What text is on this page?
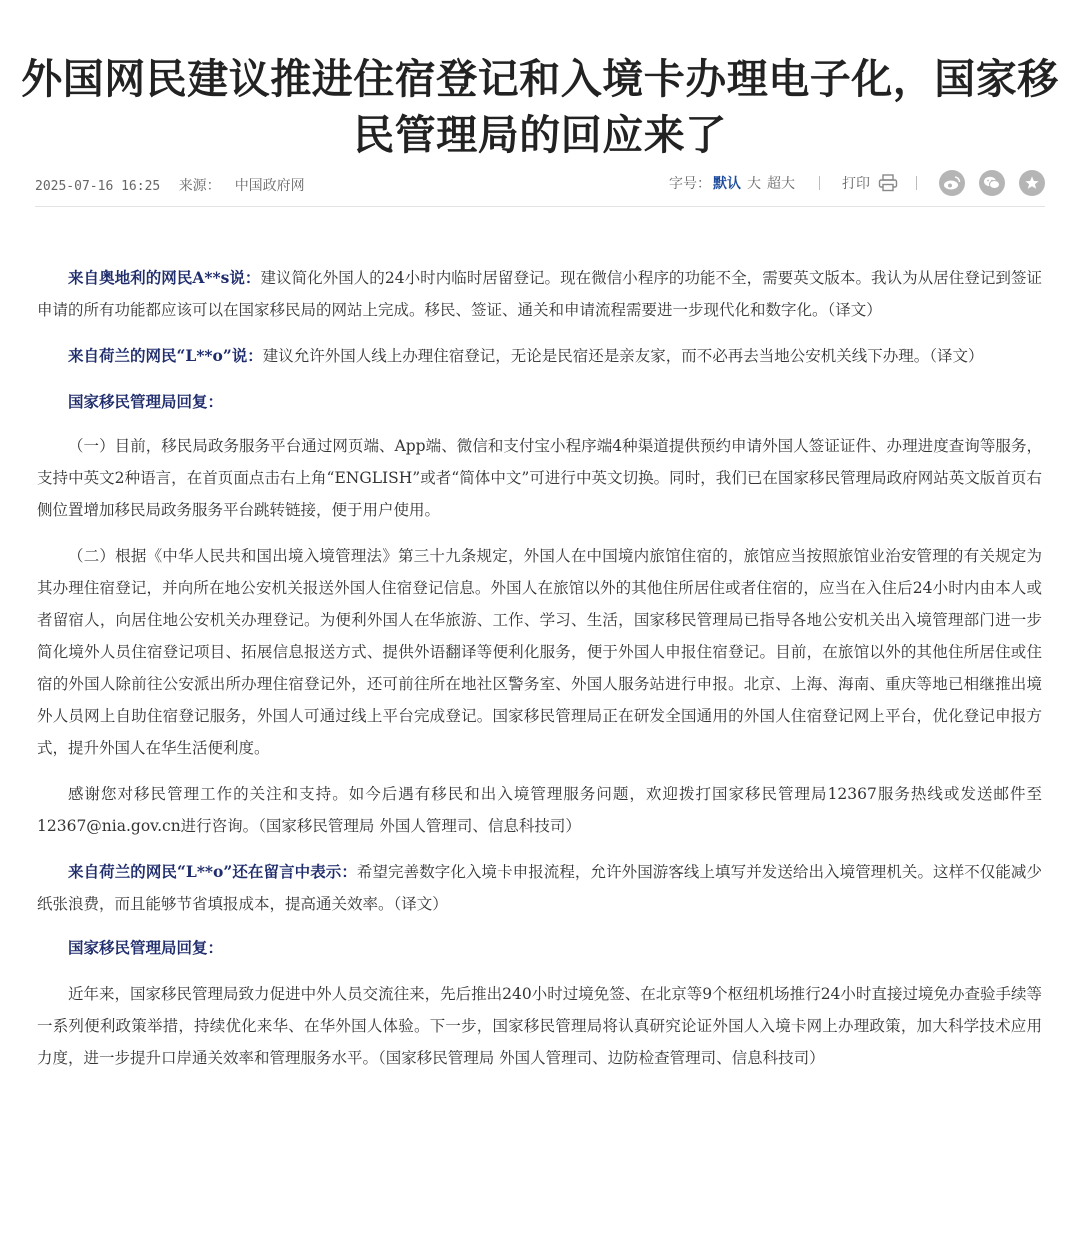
外国网民建议推进住宿登记和入境卡办理电子化，国家移民管理局的回应来了
2025-07-16 16:25 来源： 中国政府网	字号： 默认 大 超大	打印

来自奥地利的网民A**s说：建议简化外国人的24小时内临时居留登记。现在微信小程序的功能不全，需要英文版本。我认为从居住登记到签证申请的所有功能都应该可以在国家移民局的网站上完成。移民、签证、通关和申请流程需要进一步现代化和数字化。（译文）

来自荷兰的网民“L**o”说：建议允许外国人线上办理住宿登记，无论是民宿还是亲友家，而不必再去当地公安机关线下办理。（译文）

国家移民管理局回复：

（一）目前，移民局政务服务平台通过网页端、App端、微信和支付宝小程序端4种渠道提供预约申请外国人签证证件、办理进度查询等服务，支持中英文2种语言，在首页面点击右上角“ENGLISH”或者“简体中文”可进行中英文切换。同时，我们已在国家移民管理局政府网站英文版首页右侧位置增加移民局政务服务平台跳转链接，便于用户使用。

（二）根据《中华人民共和国出境入境管理法》第三十九条规定，外国人在中国境内旅馆住宿的，旅馆应当按照旅馆业治安管理的有关规定为其办理住宿登记，并向所在地公安机关报送外国人住宿登记信息。外国人在旅馆以外的其他住所居住或者住宿的，应当在入住后24小时内由本人或者留宿人，向居住地公安机关办理登记。为便利外国人在华旅游、工作、学习、生活，国家移民管理局已指导各地公安机关出入境管理部门进一步简化境外人员住宿登记项目、拓展信息报送方式、提供外语翻译等便利化服务，便于外国人申报住宿登记。目前，在旅馆以外的其他住所居住或住宿的外国人除前往公安派出所办理住宿登记外，还可前往所在地社区警务室、外国人服务站进行申报。北京、上海、海南、重庆等地已相继推出境外人员网上自助住宿登记服务，外国人可通过线上平台完成登记。国家移民管理局正在研发全国通用的外国人住宿登记网上平台，优化登记申报方式，提升外国人在华生活便利度。

感谢您对移民管理工作的关注和支持。如今后遇有移民和出入境管理服务问题，欢迎拨打国家移民管理局12367服务热线或发送邮件至12367@nia.gov.cn进行咨询。（国家移民管理局 外国人管理司、信息科技司）

来自荷兰的网民“L**o”还在留言中表示：希望完善数字化入境卡申报流程，允许外国游客线上填写并发送给出入境管理机关。这样不仅能减少纸张浪费，而且能够节省填报成本，提高通关效率。（译文）

国家移民管理局回复：

近年来，国家移民管理局致力促进中外人员交流往来，先后推出240小时过境免签、在北京等9个枢纽机场推行24小时直接过境免办查验手续等一系列便利政策举措，持续优化来华、在华外国人体验。下一步，国家移民管理局将认真研究论证外国人入境卡网上办理政策，加大科学技术应用力度，进一步提升口岸通关效率和管理服务水平。（国家移民管理局 外国人管理司、边防检查管理司、信息科技司）
